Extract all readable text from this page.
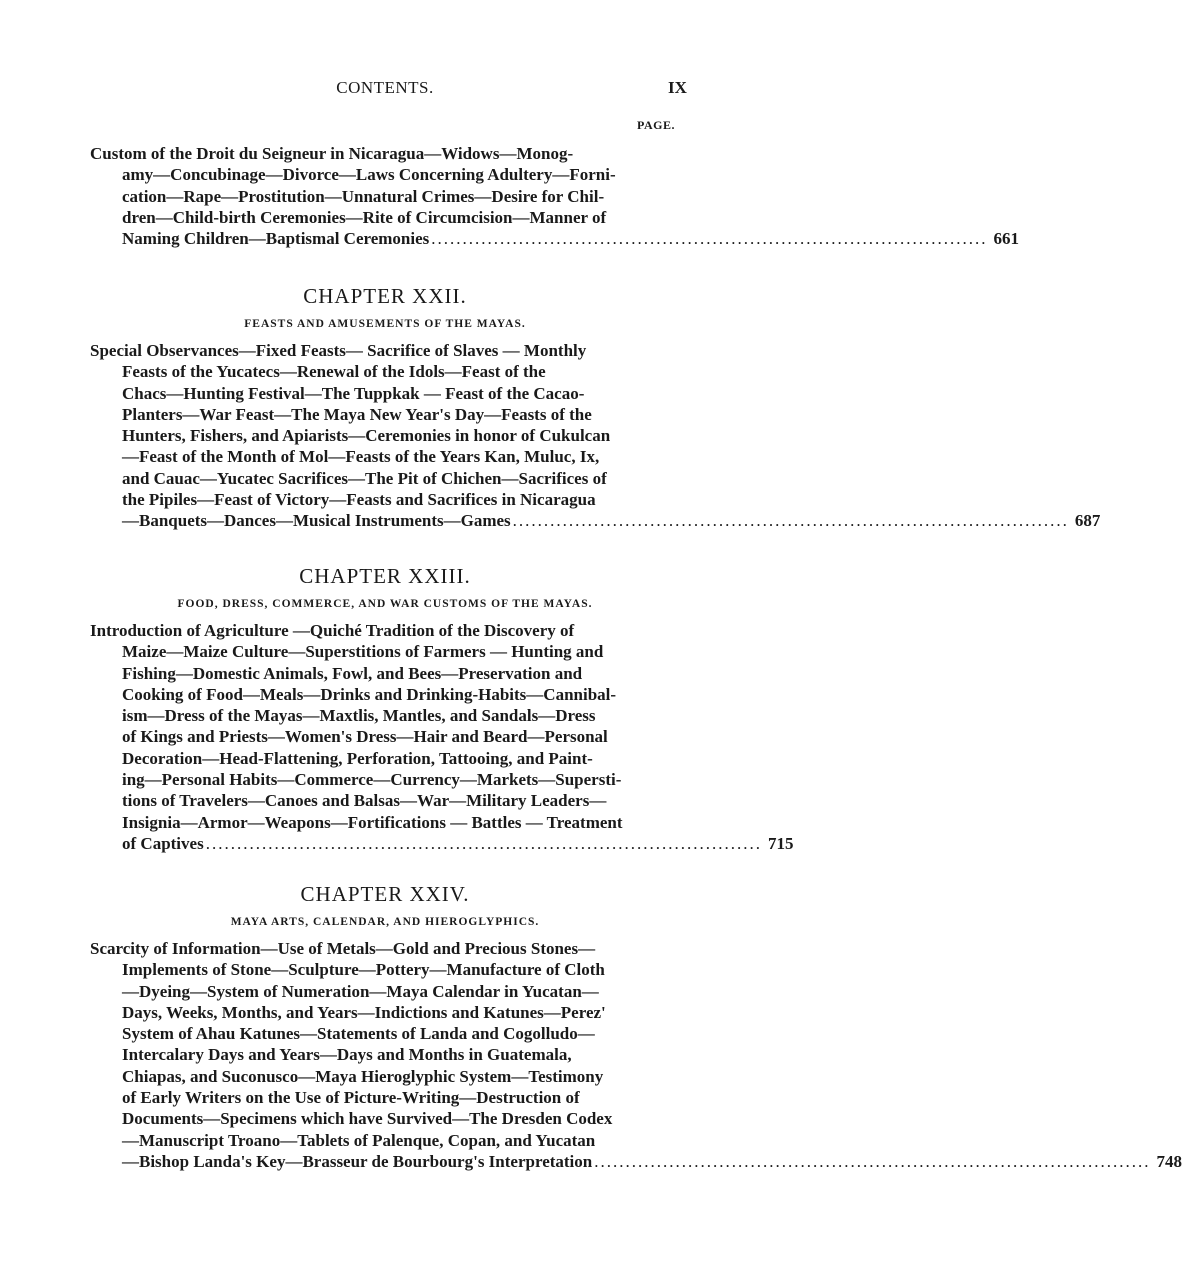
CONTENTS.	IX
PAGE.
Custom of the Droit du Seigneur in Nicaragua—Widows—Monog-
amy—Concubinage—Divorce—Laws Concerning Adultery—Forni-
cation—Rape—Prostitution—Unnatural Crimes—Desire for Chil-
dren—Child-birth Ceremonies—Rite of Circumcision—Manner of
Naming Children—Baptismal Ceremonies ......................................................................................... 661
CHAPTER XXII.
FEASTS AND AMUSEMENTS OF THE MAYAS.
Special Observances—Fixed Feasts— Sacrifice of Slaves — Monthly
Feasts of the Yucatecs—Renewal of the Idols—Feast of the
Chacs—Hunting Festival—The Tuppkak — Feast of the Cacao-
Planters—War Feast—The Maya New Year's Day—Feasts of the
Hunters, Fishers, and Apiarists—Ceremonies in honor of Cukulcan
—Feast of the Month of Mol—Feasts of the Years Kan, Muluc, Ix,
and Cauac—Yucatec Sacrifices—The Pit of Chichen—Sacrifices of
the Pipiles—Feast of Victory—Feasts and Sacrifices in Nicaragua
—Banquets—Dances—Musical Instruments—Games ......................................................................................... 687
CHAPTER XXIII.
FOOD, DRESS, COMMERCE, AND WAR CUSTOMS OF THE MAYAS.
Introduction of Agriculture —Quiché Tradition of the Discovery of
Maize—Maize Culture—Superstitions of Farmers — Hunting and
Fishing—Domestic Animals, Fowl, and Bees—Preservation and
Cooking of Food—Meals—Drinks and Drinking-Habits—Cannibal-
ism—Dress of the Mayas—Maxtlis, Mantles, and Sandals—Dress
of Kings and Priests—Women's Dress—Hair and Beard—Personal
Decoration—Head-Flattening, Perforation, Tattooing, and Paint-
ing—Personal Habits—Commerce—Currency—Markets—Supersti-
tions of Travelers—Canoes and Balsas—War—Military Leaders—
Insignia—Armor—Weapons—Fortifications — Battles — Treatment
of Captives ......................................................................................... 715
CHAPTER XXIV.
MAYA ARTS, CALENDAR, AND HIEROGLYPHICS.
Scarcity of Information—Use of Metals—Gold and Precious Stones—
Implements of Stone—Sculpture—Pottery—Manufacture of Cloth
—Dyeing—System of Numeration—Maya Calendar in Yucatan—
Days, Weeks, Months, and Years—Indictions and Katunes—Perez'
System of Ahau Katunes—Statements of Landa and Cogolludo—
Intercalary Days and Years—Days and Months in Guatemala,
Chiapas, and Suconusco—Maya Hieroglyphic System—Testimony
of Early Writers on the Use of Picture-Writing—Destruction of
Documents—Specimens which have Survived—The Dresden Codex
—Manuscript Troano—Tablets of Palenque, Copan, and Yucatan
—Bishop Landa's Key—Brasseur de Bourbourg's Interpretation ......................................................................................... 748
